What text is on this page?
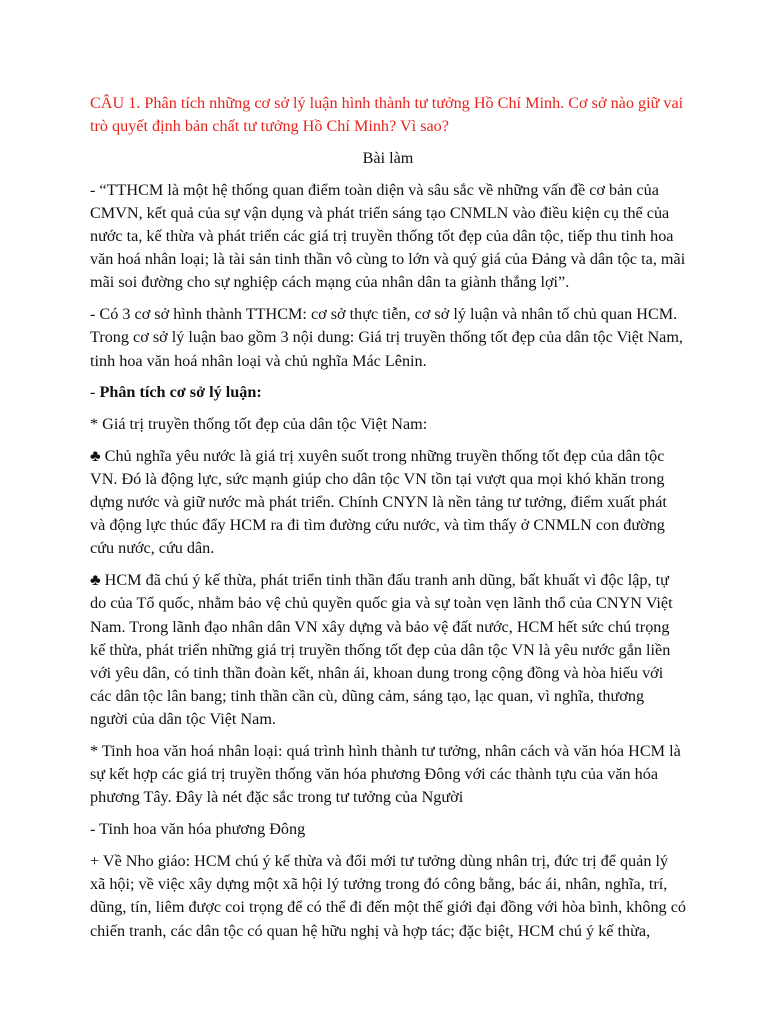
CÂU 1. Phân tích những cơ sở lý luận hình thành tư tưởng Hồ Chí Minh. Cơ sở nào giữ vai trò quyết định bản chất tư tưởng Hồ Chí Minh? Vì sao?

Bài làm

- “TTHCM là một hệ thống quan điểm toàn diện và sâu sắc về những vấn đề cơ bản của CMVN, kết quả của sự vận dụng và phát triển sáng tạo CNMLN vào điều kiện cụ thể của nước ta, kế thừa và phát triển các giá trị truyền thống tốt đẹp của dân tộc, tiếp thu tinh hoa văn hoá nhân loại; là tài sản tinh thần vô cùng to lớn và quý giá của Đảng và dân tộc ta, mãi mãi soi đường cho sự nghiệp cách mạng của nhân dân ta giành thắng lợi”.

- Có 3 cơ sở hình thành TTHCM: cơ sở thực tiễn, cơ sở lý luận và nhân tố chủ quan HCM. Trong cơ sở lý luận bao gồm 3 nội dung: Giá trị truyền thống tốt đẹp của dân tộc Việt Nam, tinh hoa văn hoá nhân loại và chủ nghĩa Mác Lênin.

- Phân tích cơ sở lý luận:

* Giá trị truyền thống tốt đẹp của dân tộc Việt Nam:

♣ Chủ nghĩa yêu nước là giá trị xuyên suốt trong những truyền thống tốt đẹp của dân tộc VN. Đó là động lực, sức mạnh giúp cho dân tộc VN tồn tại vượt qua mọi khó khăn trong dựng nước và giữ nước mà phát triển. Chính CNYN là nền tảng tư tưởng, điểm xuất phát và động lực thúc đẩy HCM ra đi tìm đường cứu nước, và tìm thấy ở CNMLN con đường cứu nước, cứu dân.

♣ HCM đã chú ý kế thừa, phát triển tinh thần đấu tranh anh dũng, bất khuất vì độc lập, tự do của Tổ quốc, nhằm bảo vệ chủ quyền quốc gia và sự toàn vẹn lãnh thổ của CNYN Việt Nam. Trong lãnh đạo nhân dân VN xây dựng và bảo vệ đất nước, HCM hết sức chú trọng kế thừa, phát triển những giá trị truyền thống tốt đẹp của dân tộc VN là yêu nước gắn liền với yêu dân, có tinh thần đoàn kết, nhân ái, khoan dung trong cộng đồng và hòa hiếu với các dân tộc lân bang; tinh thần cần cù, dũng cảm, sáng tạo, lạc quan, vì nghĩa, thương người của dân tộc Việt Nam.

* Tinh hoa văn hoá nhân loại: quá trình hình thành tư tưởng, nhân cách và văn hóa HCM là sự kết hợp các giá trị truyền thống văn hóa phương Đông với các thành tựu của văn hóa phương Tây. Đây là nét đặc sắc trong tư tưởng của Người

- Tinh hoa văn hóa phương Đông

+ Về Nho giáo: HCM chú ý kế thừa và đổi mới tư tưởng dùng nhân trị, đức trị để quản lý xã hội; về việc xây dựng một xã hội lý tưởng trong đó công bằng, bác ái, nhân, nghĩa, trí, dũng, tín, liêm được coi trọng để có thể đi đến một thế giới đại đồng với hòa bình, không có chiến tranh, các dân tộc có quan hệ hữu nghị và hợp tác; đặc biệt, HCM chú ý kế thừa,
